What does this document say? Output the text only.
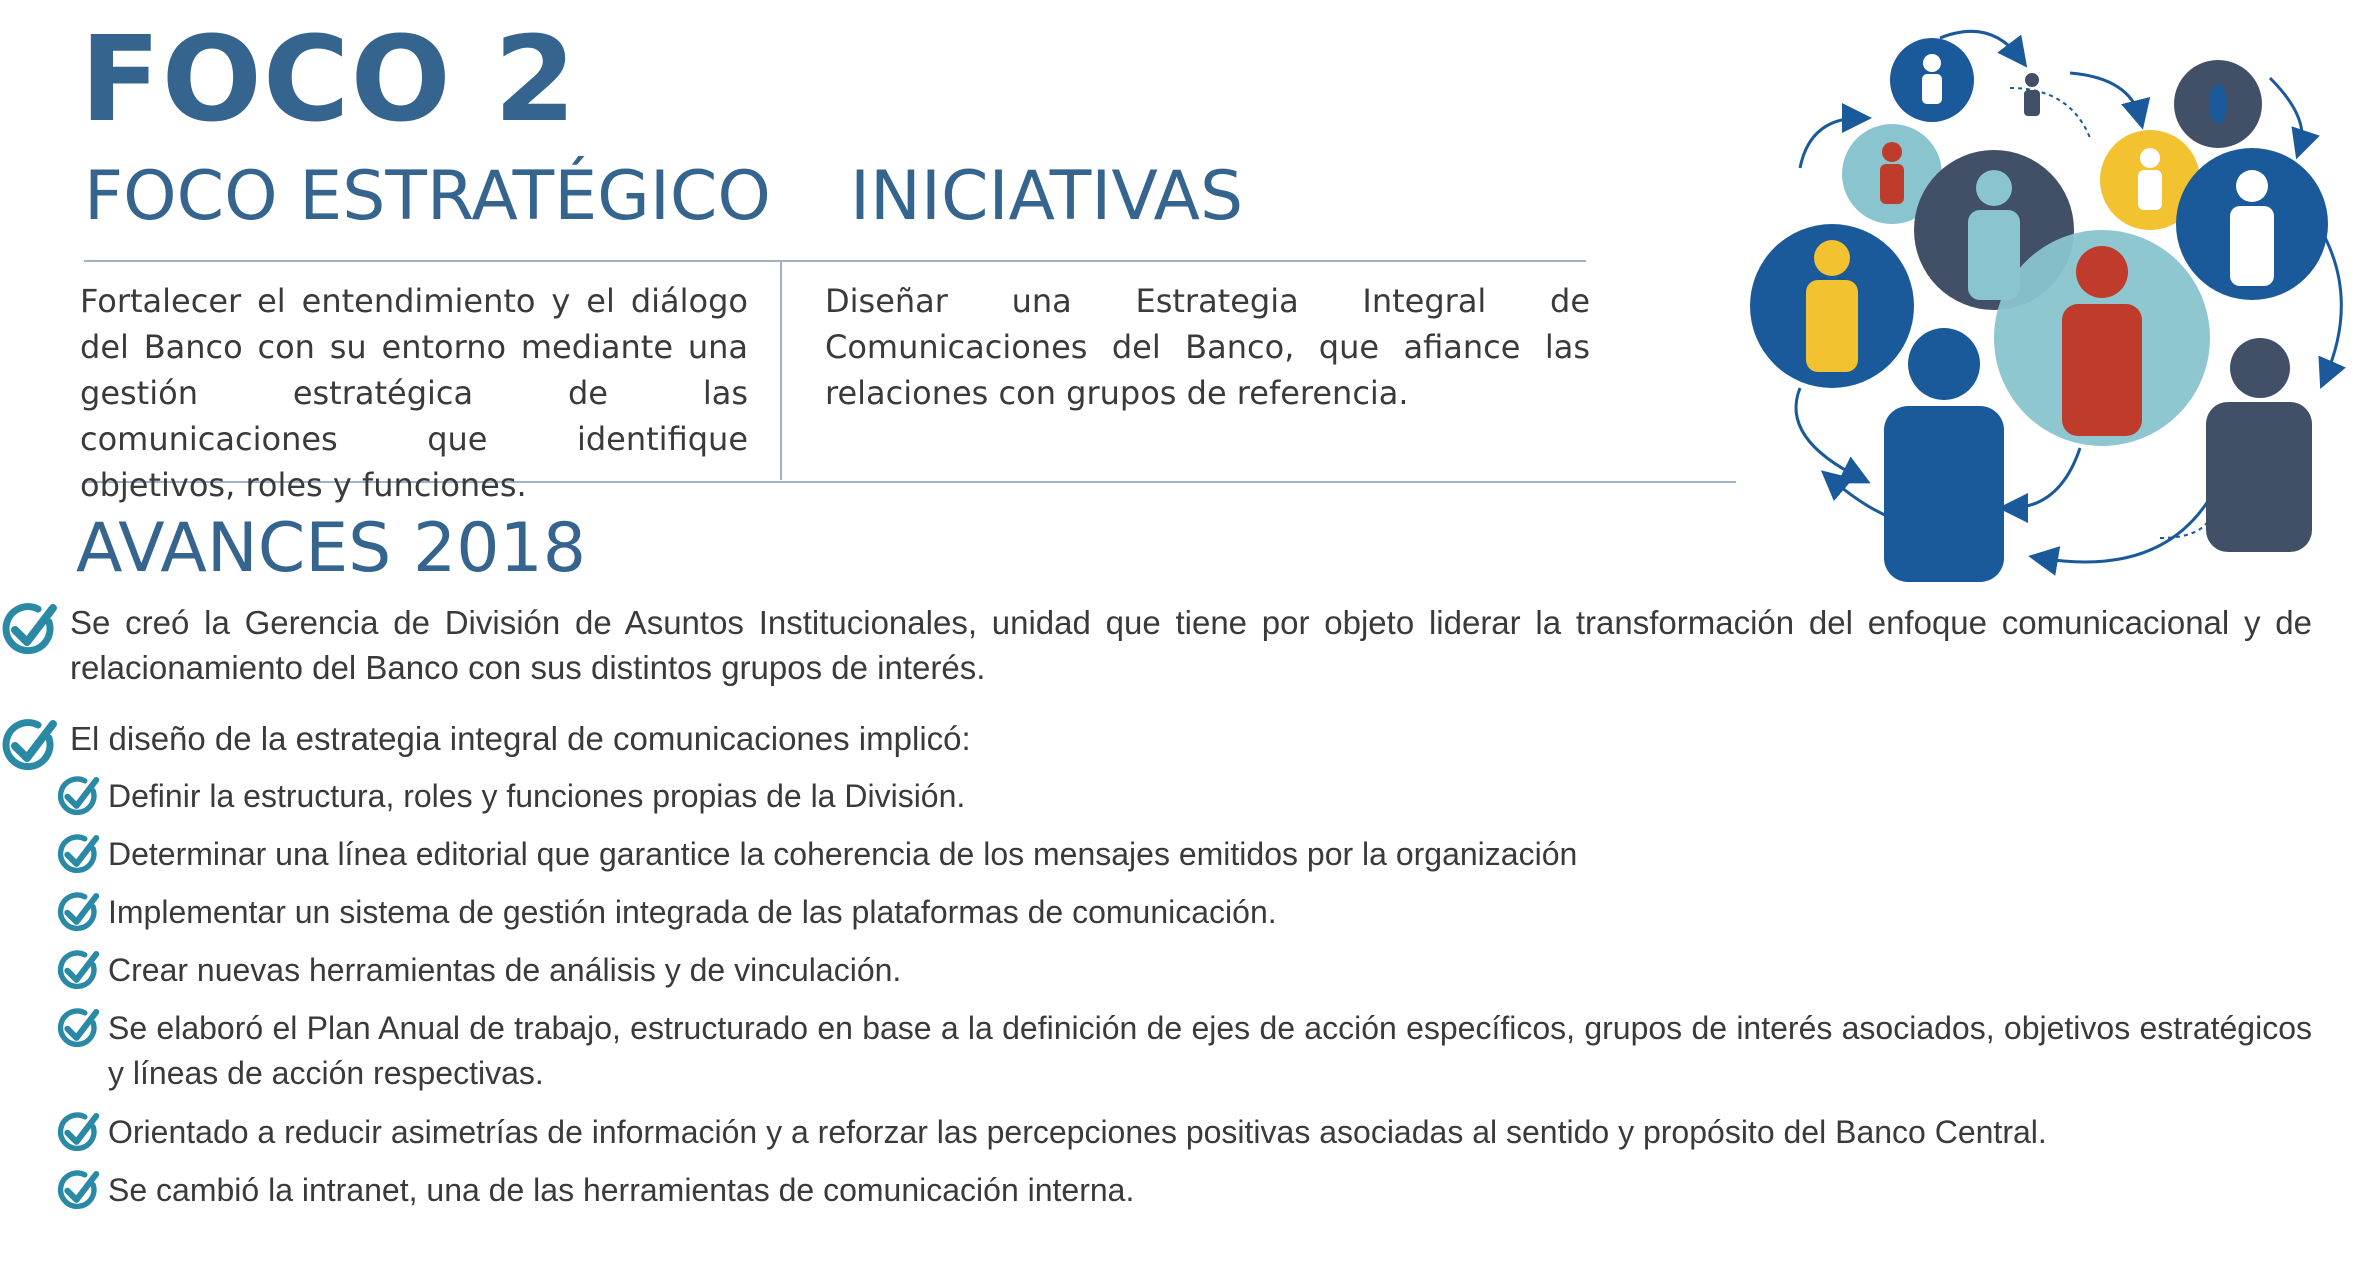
FOCO 2
FOCO ESTRATÉGICO INICIATIVAS

Fortalecer el entendimiento y el diálogo del Banco con su entorno mediante una gestión estratégica de las comunicaciones que identifique objetivos, roles y funciones.

Diseñar una Estrategia Integral de Comunicaciones del Banco, que afiance las relaciones con grupos de referencia.

AVANCES 2018
Se creó la Gerencia de División de Asuntos Institucionales, unidad que tiene por objeto liderar la transformación del enfoque comunicacional y de relacionamiento del Banco con sus distintos grupos de interés.
El diseño de la estrategia integral de comunicaciones implicó:
Definir la estructura, roles y funciones propias de la División.
Determinar una línea editorial que garantice la coherencia de los mensajes emitidos por la organización
Implementar un sistema de gestión integrada de las plataformas de comunicación.
Crear nuevas herramientas de análisis y de vinculación.
Se elaboró el Plan Anual de trabajo, estructurado en base a la definición de ejes de acción específicos, grupos de interés asociados, objetivos estratégicos y líneas de acción respectivas.
Orientado a reducir asimetrías de información y a reforzar las percepciones positivas asociadas al sentido y propósito del Banco Central.
Se cambió la intranet, una de las herramientas de comunicación interna.
